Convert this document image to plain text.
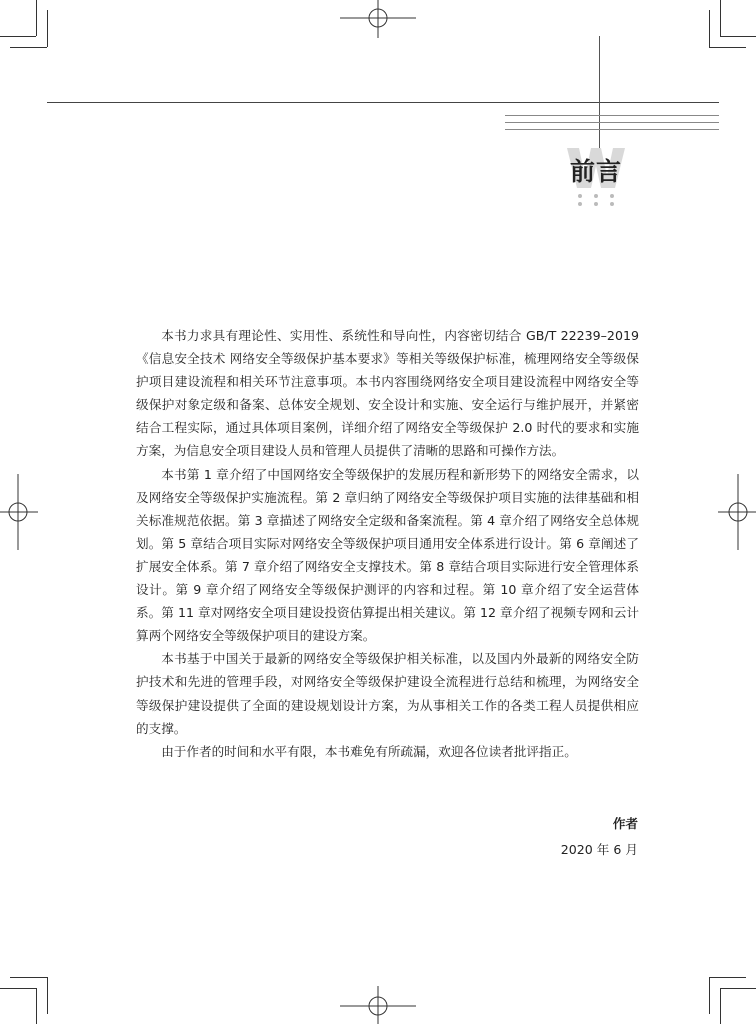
前言

本书力求具有理论性、实用性、系统性和导向性，内容密切结合 GB/T 22239–2019《信息安全技术 网络安全等级保护基本要求》等相关等级保护标准，梳理网络安全等级保护项目建设流程和相关环节注意事项。本书内容围绕网络安全项目建设流程中网络安全等级保护对象定级和备案、总体安全规划、安全设计和实施、安全运行与维护展开，并紧密结合工程实际，通过具体项目案例，详细介绍了网络安全等级保护 2.0 时代的要求和实施方案，为信息安全项目建设人员和管理人员提供了清晰的思路和可操作方法。

本书第 1 章介绍了中国网络安全等级保护的发展历程和新形势下的网络安全需求，以及网络安全等级保护实施流程。第 2 章归纳了网络安全等级保护项目实施的法律基础和相关标准规范依据。第 3 章描述了网络安全定级和备案流程。第 4 章介绍了网络安全总体规划。第 5 章结合项目实际对网络安全等级保护项目通用安全体系进行设计。第 6 章阐述了扩展安全体系。第 7 章介绍了网络安全支撑技术。第 8 章结合项目实际进行安全管理体系设计。第 9 章介绍了网络安全等级保护测评的内容和过程。第 10 章介绍了安全运营体系。第 11 章对网络安全项目建设投资估算提出相关建议。第 12 章介绍了视频专网和云计算两个网络安全等级保护项目的建设方案。

本书基于中国关于最新的网络安全等级保护相关标准，以及国内外最新的网络安全防护技术和先进的管理手段，对网络安全等级保护建设全流程进行总结和梳理，为网络安全等级保护建设提供了全面的建设规划设计方案，为从事相关工作的各类工程人员提供相应的支撑。

由于作者的时间和水平有限，本书难免有所疏漏，欢迎各位读者批评指正。

作者
2020 年 6 月
